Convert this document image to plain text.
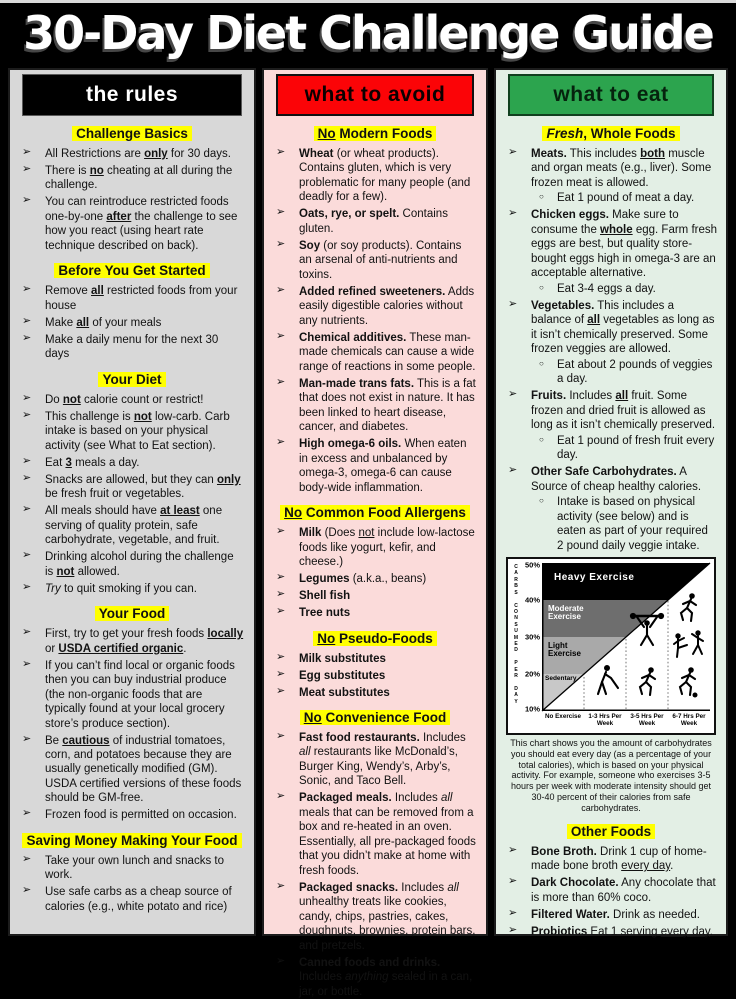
30-Day Diet Challenge Guide
the rules
Challenge Basics
➢ All Restrictions are only for 30 days.
➢ There is no cheating at all during the challenge.
➢ You can reintroduce restricted foods one-by-one after the challenge to see how you react (using heart rate technique described on back).
Before You Get Started
➢ Remove all restricted foods from your house
➢ Make all of your meals
➢ Make a daily menu for the next 30 days
Your Diet
➢ Do not calorie count or restrict!
➢ This challenge is not low-carb. Carb intake is based on your physical activity (see What to Eat section).
➢ Eat 3 meals a day.
➢ Snacks are allowed, but they can only be fresh fruit or vegetables.
➢ All meals should have at least one serving of quality protein, safe carbohydrate, vegetable, and fruit.
➢ Drinking alcohol during the challenge is not allowed.
➢ Try to quit smoking if you can.
Your Food
➢ First, try to get your fresh foods locally or USDA certified organic.
➢ If you can’t find local or organic foods then you can buy industrial produce (the non-organic foods that are typically found at your local grocery store’s produce section).
➢ Be cautious of industrial tomatoes, corn, and potatoes because they are usually genetically modified (GM). USDA certified versions of these foods should be GM-free.
➢ Frozen food is permitted on occasion.
Saving Money Making Your Food
➢ Take your own lunch and snacks to work.
➢ Use safe carbs as a cheap source of calories (e.g., white potato and rice)
what to avoid
No Modern Foods
➢ Wheat (or wheat products). Contains gluten, which is very problematic for many people (and deadly for a few).
➢ Oats, rye, or spelt. Contains gluten.
➢ Soy (or soy products). Contains an arsenal of anti-nutrients and toxins.
➢ Added refined sweeteners. Adds easily digestible calories without any nutrients.
➢ Chemical additives. These man-made chemicals can cause a wide range of reactions in some people.
➢ Man-made trans fats. This is a fat that does not exist in nature. It has been linked to heart disease, cancer, and diabetes.
➢ High omega-6 oils. When eaten in excess and unbalanced by omega-3, omega-6 can cause body-wide inflammation.
No Common Food Allergens
➢ Milk (Does not include low-lactose foods like yogurt, kefir, and cheese.)
➢ Legumes (a.k.a., beans)
➢ Shell fish
➢ Tree nuts
No Pseudo-Foods
➢ Milk substitutes
➢ Egg substitutes
➢ Meat substitutes
No Convenience Food
➢ Fast food restaurants. Includes all restaurants like McDonald’s, Burger King, Wendy’s, Arby’s, Sonic, and Taco Bell.
➢ Packaged meals. Includes all meals that can be removed from a box and re-heated in an oven. Essentially, all pre-packaged foods that you didn’t make at home with fresh foods.
➢ Packaged snacks. Includes all unhealthy treats like cookies, candy, chips, pastries, cakes, doughnuts, brownies, protein bars, and pretzels.
➢ Canned foods and drinks. Includes anything sealed in a can, jar, or bottle.
what to eat
Fresh, Whole Foods
➢ Meats. This includes both muscle and organ meats (e.g., liver). Some frozen meat is allowed.
○ Eat 1 pound of meat a day.
➢ Chicken eggs. Make sure to consume the whole egg. Farm fresh eggs are best, but quality store-bought eggs high in omega-3 are an acceptable alternative.
○ Eat 3-4 eggs a day.
➢ Vegetables. This includes a balance of all vegetables as long as it isn’t chemically preserved. Some frozen veggies are allowed.
○ Eat about 2 pounds of veggies a day.
➢ Fruits. Includes all fruit. Some frozen and dried fruit is allowed as long as it isn’t chemically preserved.
○ Eat 1 pound of fresh fruit every day.
➢ Other Safe Carbohydrates. A Source of cheap healthy calories.
○ Intake is based on physical activity (see below) and is eaten as part of your required 2 pound daily veggie intake.
C
A
R
B
S

C
O
N
S
U
M
E
D

P
E
R

D
A
Y
50%
40%
30%
20%
10%
Heavy Exercise
Moderate Exercise
Light Exercise
Sedentary
No Exercise	1-3 Hrs Per Week
3-5 Hrs Per Week
6-7 Hrs Per Week
This chart shows you the amount of carbohydrates you should eat every day (as a percentage of your total calories), which is based on your physical activity. For example, someone who exercises 3-5 hours per week with moderate intensity should get 30-40 percent of their calories from safe carbohydrates.
Other Foods
➢ Bone Broth. Drink 1 cup of home-made bone broth every day.
➢ Dark Chocolate. Any chocolate that is more than 60% coco.
➢ Filtered Water. Drink as needed.
➢ Probiotics Eat 1 serving every day.
